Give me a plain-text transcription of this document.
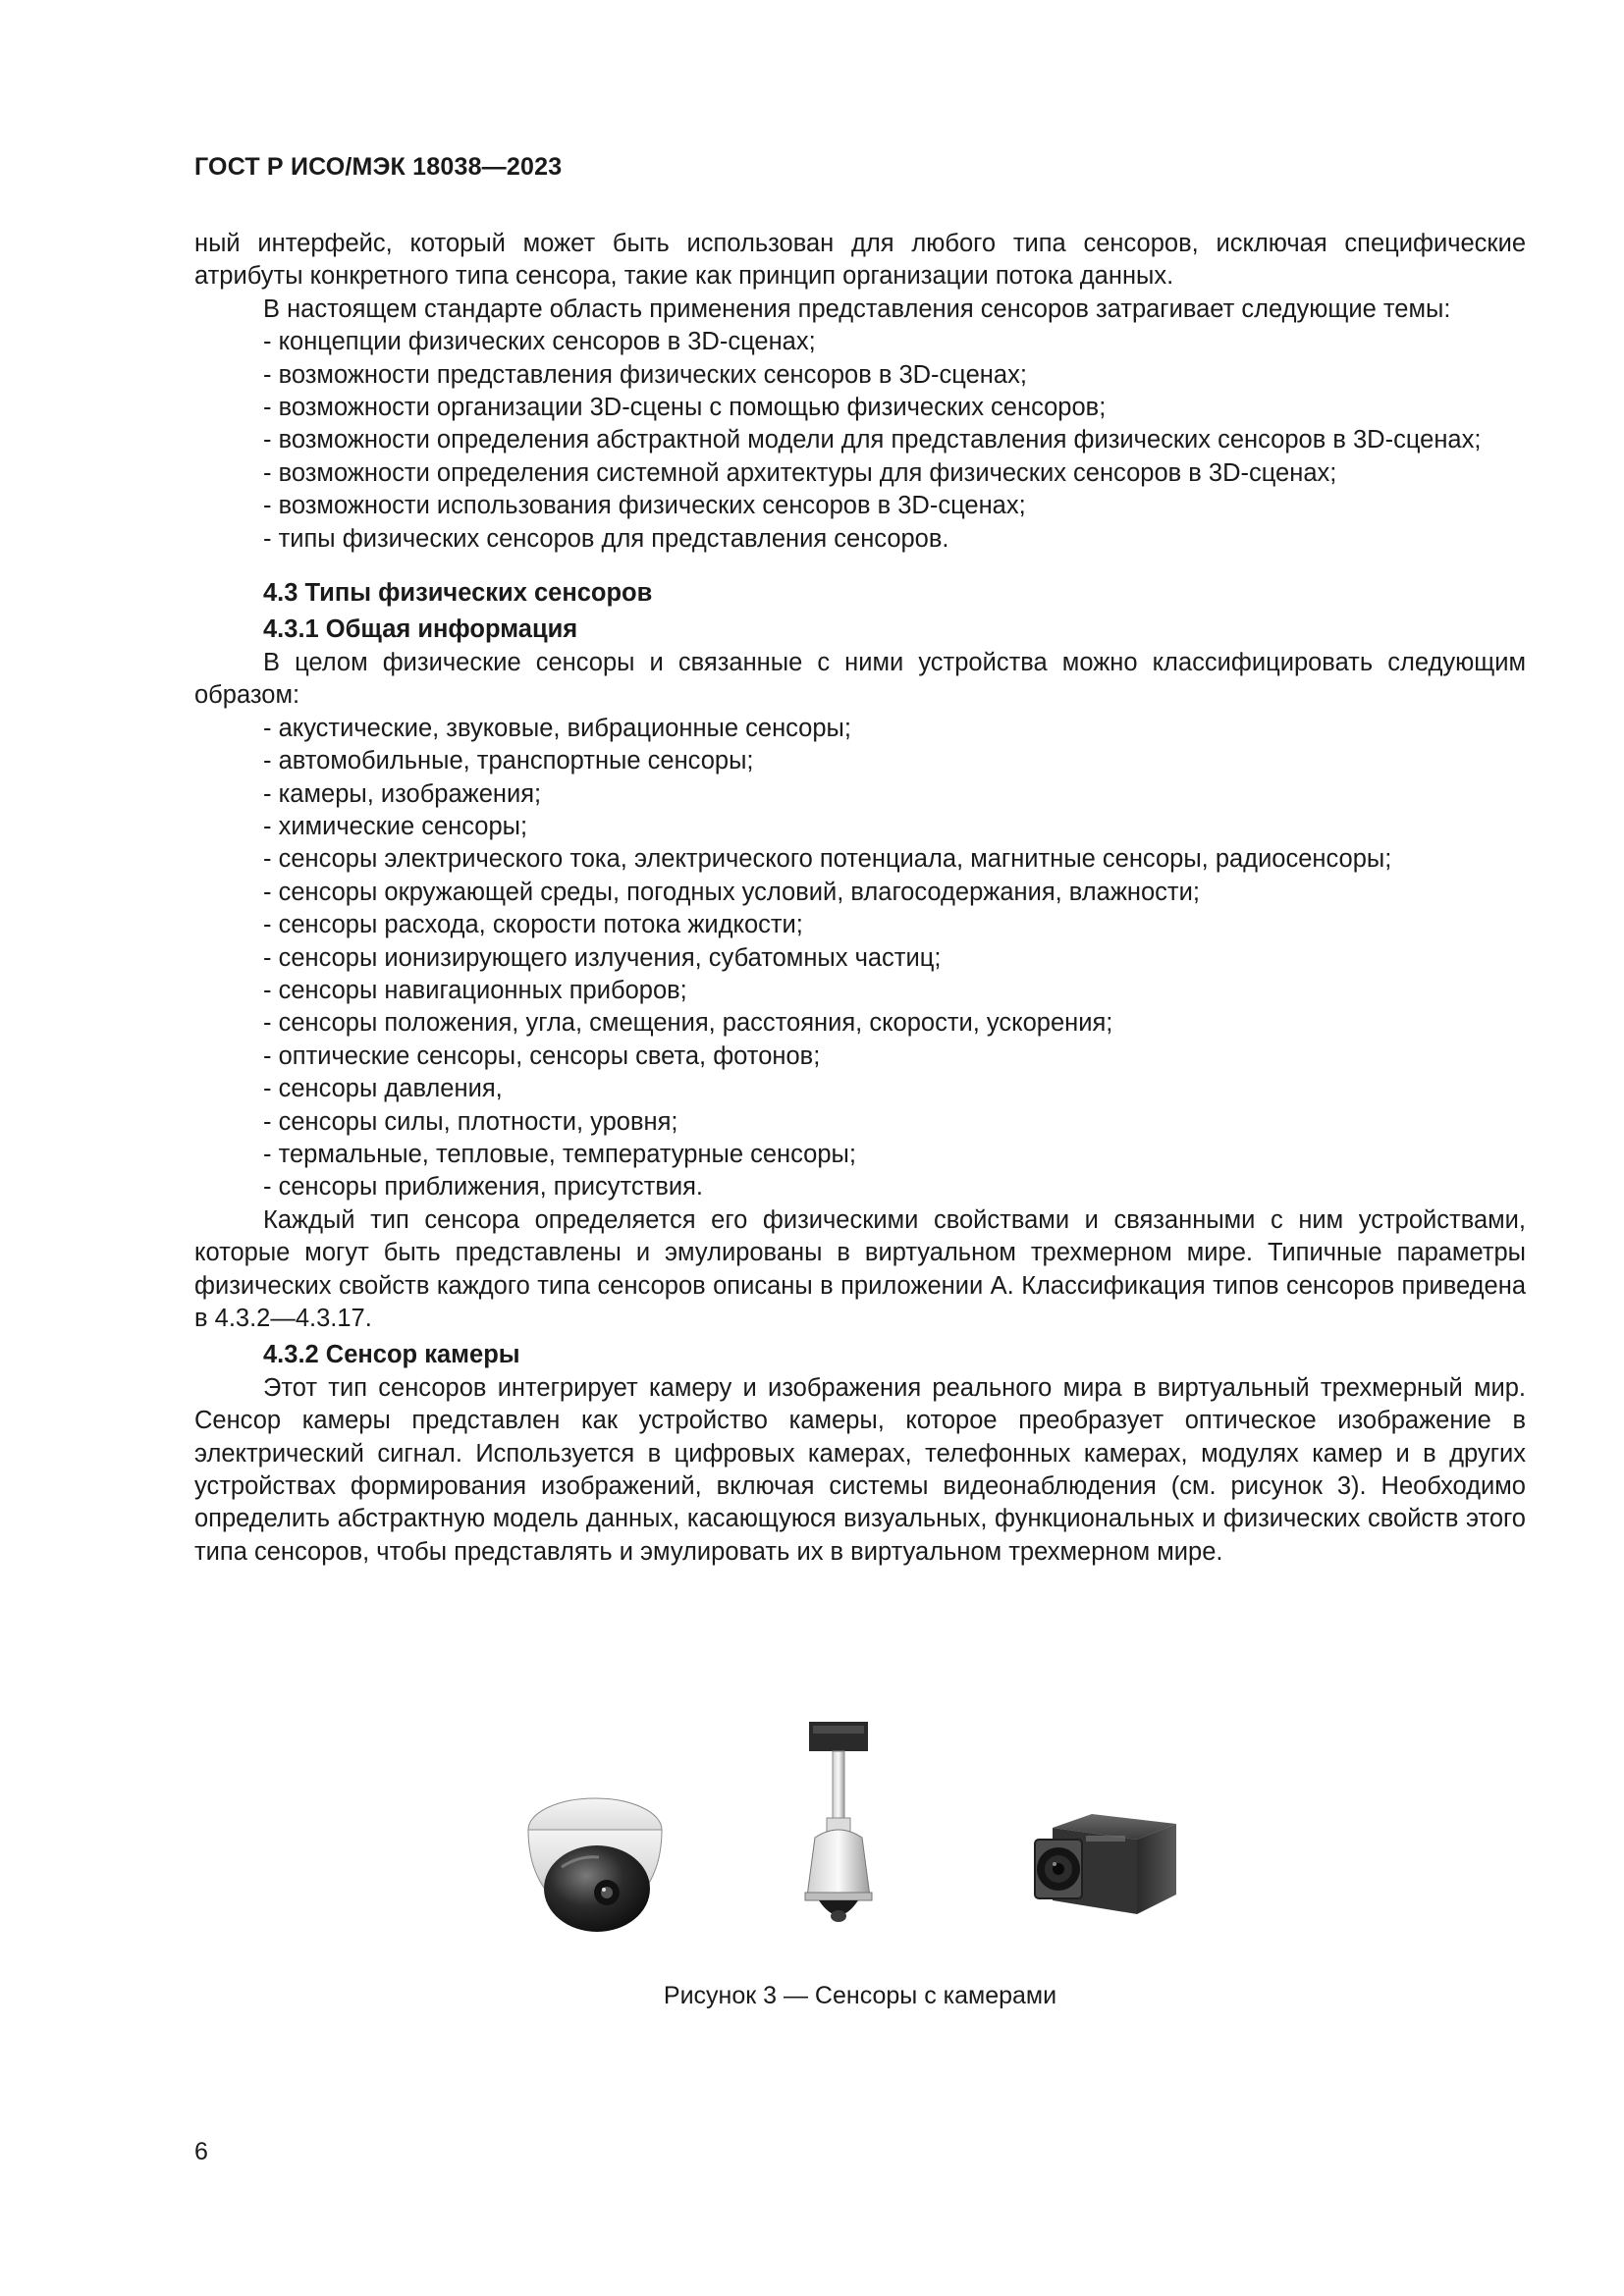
ГОСТ Р ИСО/МЭК 18038—2023

ный интерфейс, который может быть использован для любого типа сенсоров, исключая специфические атрибуты конкретного типа сенсора, такие как принцип организации потока данных.

В настоящем стандарте область применения представления сенсоров затрагивает следующие темы:

- концепции физических сенсоров в 3D-сценах;

- возможности представления физических сенсоров в 3D-сценах;

- возможности организации 3D-сцены с помощью физических сенсоров;

- возможности определения абстрактной модели для представления физических сенсоров в 3D-сценах;

- возможности определения системной архитектуры для физических сенсоров в 3D-сценах;

- возможности использования физических сенсоров в 3D-сценах;

- типы физических сенсоров для представления сенсоров.

4.3 Типы физических сенсоров

4.3.1 Общая информация

В целом физические сенсоры и связанные с ними устройства можно классифицировать следующим образом:

- акустические, звуковые, вибрационные сенсоры;

- автомобильные, транспортные сенсоры;

- камеры, изображения;

- химические сенсоры;

- сенсоры электрического тока, электрического потенциала, магнитные сенсоры, радиосенсоры;

- сенсоры окружающей среды, погодных условий, влагосодержания, влажности;

- сенсоры расхода, скорости потока жидкости;

- сенсоры ионизирующего излучения, субатомных частиц;

- сенсоры навигационных приборов;

- сенсоры положения, угла, смещения, расстояния, скорости, ускорения;

- оптические сенсоры, сенсоры света, фотонов;

- сенсоры давления,

- сенсоры силы, плотности, уровня;

- термальные, тепловые, температурные сенсоры;

- сенсоры приближения, присутствия.

Каждый тип сенсора определяется его физическими свойствами и связанными с ним устройствами, которые могут быть представлены и эмулированы в виртуальном трехмерном мире. Типичные параметры физических свойств каждого типа сенсоров описаны в приложении А. Классификация типов сенсоров приведена в 4.3.2—4.3.17.

4.3.2 Сенсор камеры

Этот тип сенсоров интегрирует камеру и изображения реального мира в виртуальный трехмерный мир. Сенсор камеры представлен как устройство камеры, которое преобразует оптическое изображение в электрический сигнал. Используется в цифровых камерах, телефонных камерах, модулях камер и в других устройствах формирования изображений, включая системы видеонаблюдения (см. рисунок 3). Необходимо определить абстрактную модель данных, касающуюся визуальных, функциональных и физических свойств этого типа сенсоров, чтобы представлять и эмулировать их в виртуальном трехмерном мире.

Рисунок 3 — Сенсоры с камерами
6
